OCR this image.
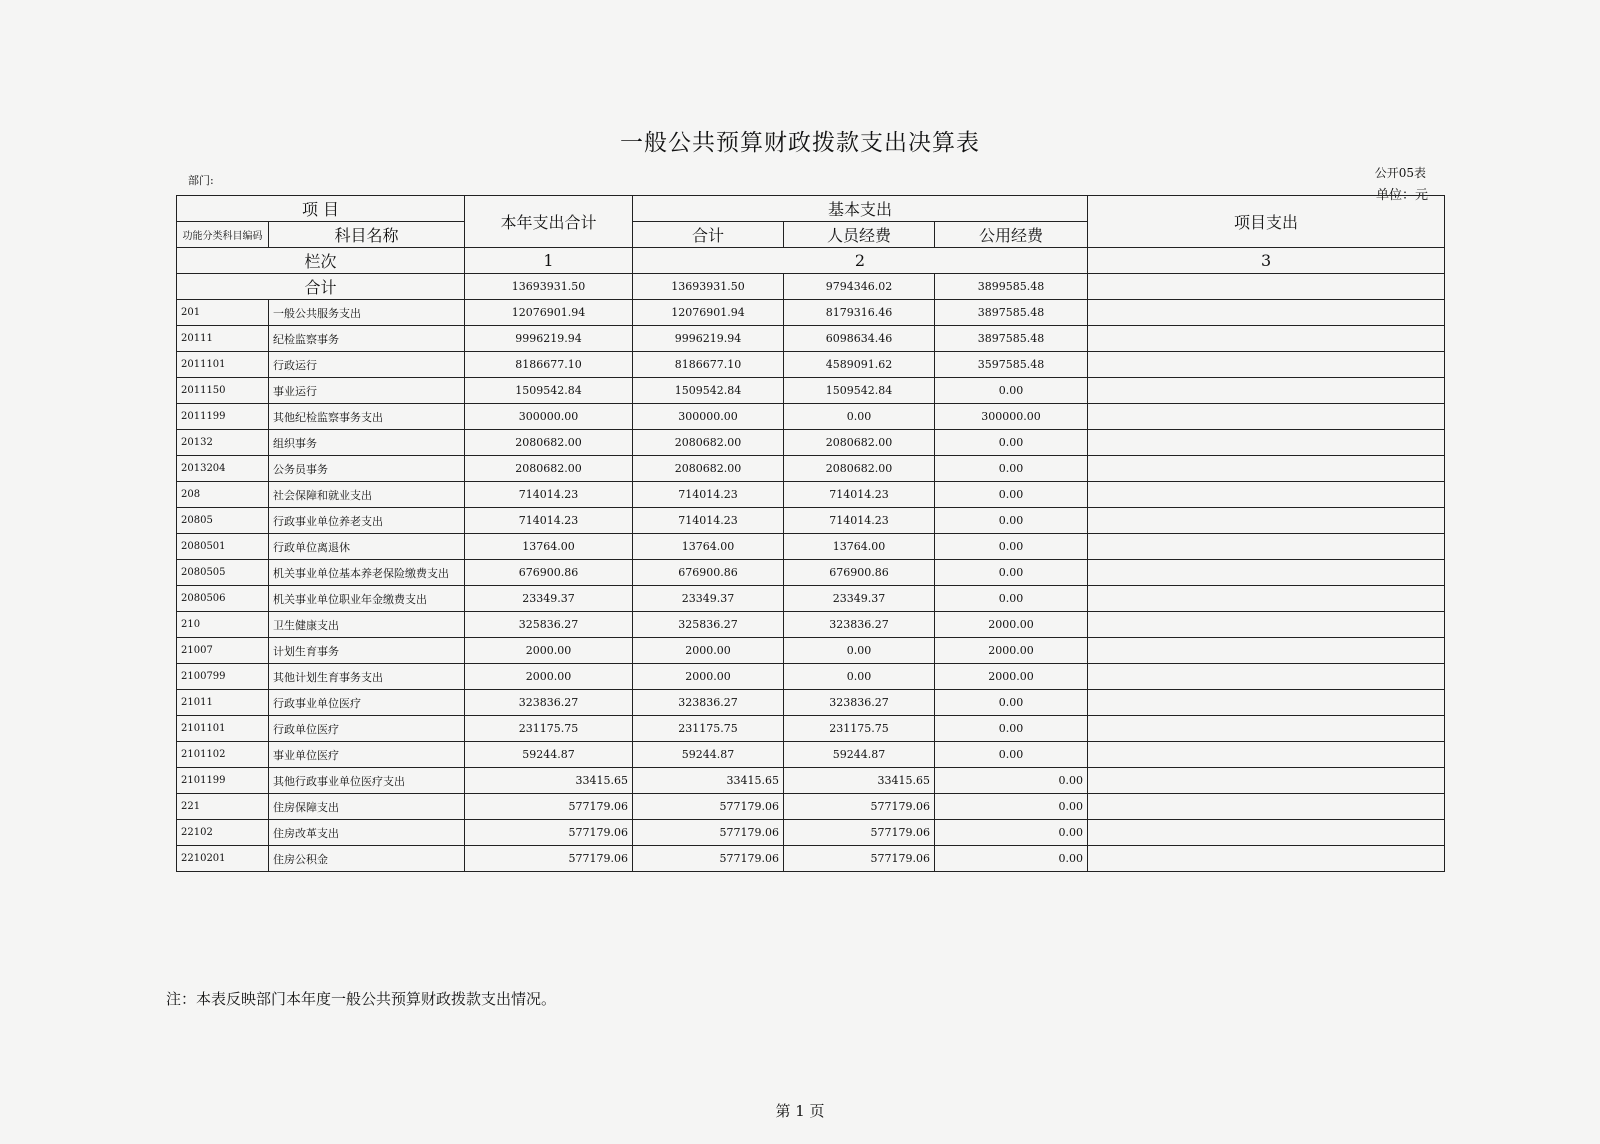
一般公共预算财政拨款支出决算表
部门:
公开05表
单位：元
项 目		本年支出合计	基本支出			项目支出
功能分类科目编码	科目名称					
			合计	人员经费	公用经费	
栏次		1	2			3
合计		13693931.50	13693931.50	9794346.02	3899585.48	
201	一般公共服务支出	12076901.94	12076901.94	8179316.46	3897585.48	
20111	纪检监察事务	9996219.94	9996219.94	6098634.46	3897585.48	
2011101	行政运行	8186677.10	8186677.10	4589091.62	3597585.48	
2011150	事业运行	1509542.84	1509542.84	1509542.84	0.00	
2011199	其他纪检监察事务支出	300000.00	300000.00	0.00	300000.00	
20132	组织事务	2080682.00	2080682.00	2080682.00	0.00	
2013204	公务员事务	2080682.00	2080682.00	2080682.00	0.00	
208	社会保障和就业支出	714014.23	714014.23	714014.23	0.00	
20805	行政事业单位养老支出	714014.23	714014.23	714014.23	0.00	
2080501	行政单位离退休	13764.00	13764.00	13764.00	0.00	
2080505	机关事业单位基本养老保险缴费支出	676900.86	676900.86	676900.86	0.00	
2080506	机关事业单位职业年金缴费支出	23349.37	23349.37	23349.37	0.00	
210	卫生健康支出	325836.27	325836.27	323836.27	2000.00	
21007	计划生育事务	2000.00	2000.00	0.00	2000.00	
2100799	其他计划生育事务支出	2000.00	2000.00	0.00	2000.00	
21011	行政事业单位医疗	323836.27	323836.27	323836.27	0.00	
2101101	行政单位医疗	231175.75	231175.75	231175.75	0.00	
2101102	事业单位医疗	59244.87	59244.87	59244.87	0.00	
2101199	其他行政事业单位医疗支出	33415.65	33415.65	33415.65	0.00	
221	住房保障支出	577179.06	577179.06	577179.06	0.00	
22102	住房改革支出	577179.06	577179.06	577179.06	0.00	
2210201	住房公积金	577179.06	577179.06	577179.06	0.00	
注：本表反映部门本年度一般公共预算财政拨款支出情况。
第 1 页
